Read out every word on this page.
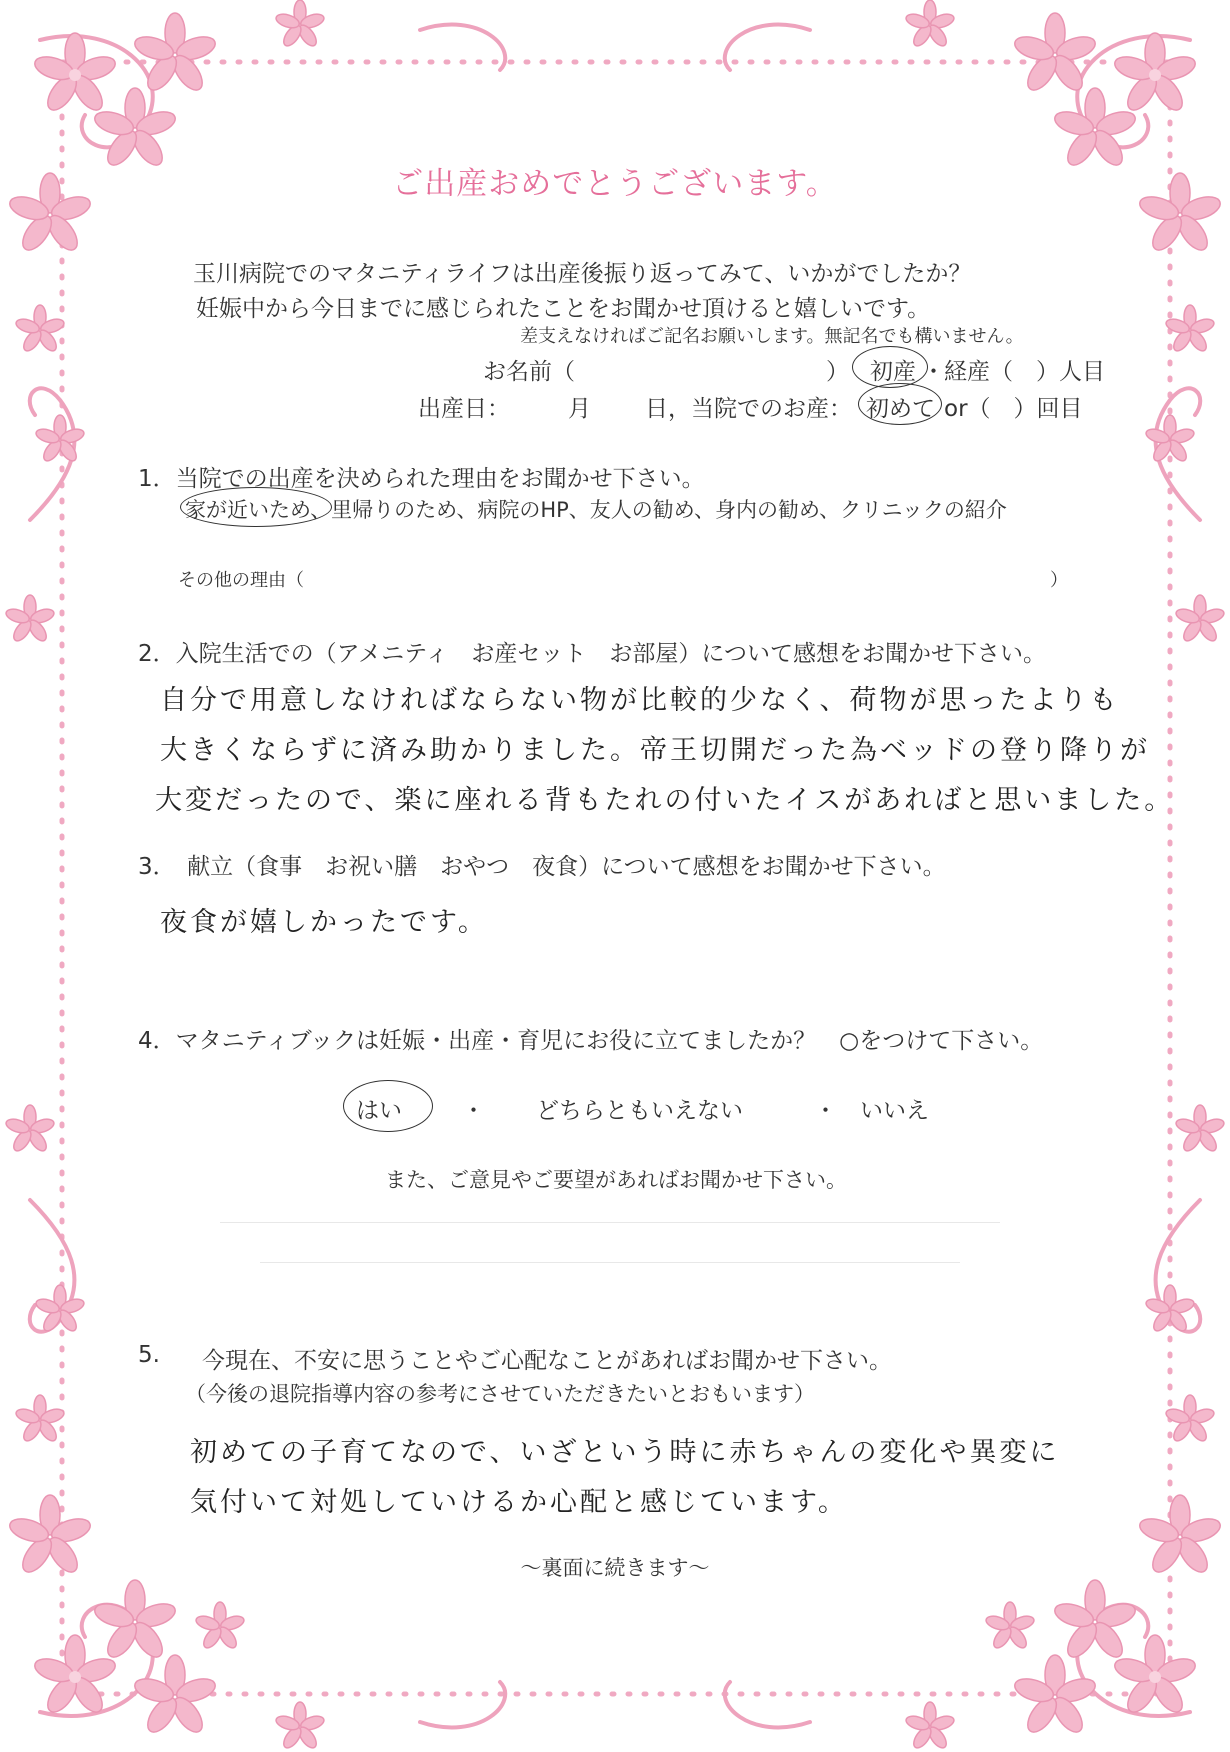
ご出産おめでとうございます。
玉川病院でのマタニティライフは出産後振り返ってみて、いかがでしたか？
妊娠中から今日までに感じられたことをお聞かせ頂けると嬉しいです。
差支えなければご記名お願いします。無記名でも構いません。
お名前（	） 初産 ・ 経産（　）人目
出産日：	月 日，当院でのお産： 初めて or（　）回目
1．当院での出産を決められた理由をお聞かせ下さい。
家が近いため、里帰りのため、病院のHP、友人の勧め、身内の勧め、クリニックの紹介
その他の理由（	）
2．入院生活での（アメニティ　お産セット　お部屋）について感想をお聞かせ下さい。
自分で用意しなければならない物が比較的少なく、荷物が思ったよりも
大きくならずに済み助かりました。帝王切開だった為ベッドの登り降りが
大変だったので、楽に座れる背もたれの付いたイスがあればと思いました。
3．　献立（食事　お祝い膳　おやつ　夜食）について感想をお聞かせ下さい。
夜食が嬉しかったです。
4．マタニティブックは妊娠・出産・育児にお役に立てましたか？　○をつけて下さい。
はい	・ どちらともいえない	・ いいえ
また、ご意見やご要望があればお聞かせ下さい。
5. 今現在、不安に思うことやご心配なことがあればお聞かせ下さい。
（今後の退院指導内容の参考にさせていただきたいとおもいます）
初めての子育てなので、いざという時に赤ちゃんの変化や異変に
気付いて対処していけるか心配と感じています。
～裏面に続きます～
